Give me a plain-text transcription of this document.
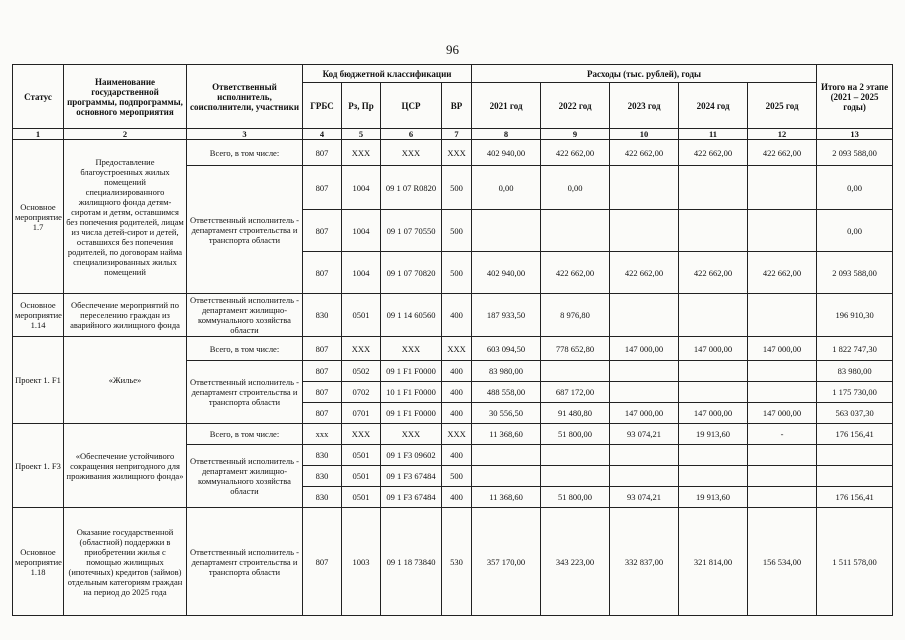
96
Статус	Наименование государственной программы, подпрограммы, основного мероприятия	Ответственный исполнитель, соисполнители, участники	Код бюджетной классификации				Расходы (тыс. рублей), годы					Итого на 2 этапе (2021 – 2025 годы)
			ГРБС	Рз, Пр	ЦСР	ВР	2021 год	2022 год	2023 год	2024 год	2025 год	
1	2	3	4	5	6	7	8	9	10	11	12	13
Основное мероприятие 1.7	Предоставление благоустроенных жилых помещений специализированного жилищного фонда детям-сиротам и детям, оставшимся без попечения родителей, лицам из числа детей-сирот и детей, оставшихся без попечения родителей, по договорам найма специализированных жилых помещений	Всего, в том числе:	807	XXX	XXX	XXX	402 940,00	422 662,00	422 662,00	422 662,00	422 662,00	2 093 588,00
		Ответственный исполнитель - департамент строительства и транспорта области	807	1004	09 1 07 R0820	500	0,00	0,00				0,00
			807	1004	09 1 07 70550	500						0,00
			807	1004	09 1 07 70820	500	402 940,00	422 662,00	422 662,00	422 662,00	422 662,00	2 093 588,00
Основное мероприятие 1.14	Обеспечение мероприятий по переселению граждан из аварийного жилищного фонда	Ответственный исполнитель - департамент жилищно-коммунального хозяйства области	830	0501	09 1 14 60560	400	187 933,50	8 976,80				196 910,30
Проект 1. F1	«Жилье»	Всего, в том числе:	807	XXX	XXX	XXX	603 094,50	778 652,80	147 000,00	147 000,00	147 000,00	1 822 747,30
		Ответственный исполнитель - департамент строительства и транспорта области	807	0502	09 1 F1 F0000	400	83 980,00					83 980,00
			807	0702	10 1 F1 F0000	400	488 558,00	687 172,00				1 175 730,00
			807	0701	09 1 F1 F0000	400	30 556,50	91 480,80	147 000,00	147 000,00	147 000,00	563 037,30
Проект 1. F3	«Обеспечение устойчивого сокращения непригодного для проживания жилищного фонда»	Всего, в том числе:	xxx	XXX	XXX	XXX	11 368,60	51 800,00	93 074,21	19 913,60	-	176 156,41
		Ответственный исполнитель - департамент жилищно-коммунального хозяйства области	830	0501	09 1 F3 09602	400						
			830	0501	09 1 F3 67484	500						
			830	0501	09 1 F3 67484	400	11 368,60	51 800,00	93 074,21	19 913,60		176 156,41
Основное мероприятие 1.18	Оказание государственной (областной) поддержки в приобретении жилья с помощью жилищных (ипотечных) кредитов (займов) отдельным категориям граждан на период до 2025 года	Ответственный исполнитель - департамент строительства и транспорта области	807	1003	09 1 18 73840	530	357 170,00	343 223,00	332 837,00	321 814,00	156 534,00	1 511 578,00
